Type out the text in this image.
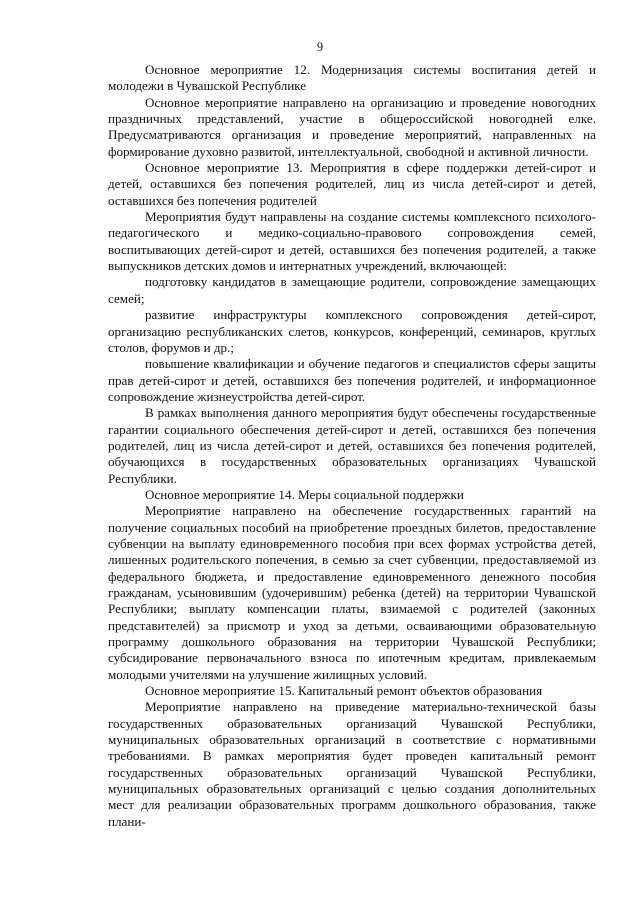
9

Основное мероприятие 12. Модернизация системы воспитания детей и молодежи в Чувашской Республике

Основное мероприятие направлено на организацию и проведение новогодних праздничных представлений, участие в общероссийской новогодней елке. Предусматриваются организация и проведение мероприятий, направленных на формирование духовно развитой, интеллектуальной, свободной и активной личности.

Основное мероприятие 13. Мероприятия в сфере поддержки детей-сирот и детей, оставшихся без попечения родителей, лиц из числа детей-сирот и детей, оставшихся без попечения родителей

Мероприятия будут направлены на создание системы комплексного психолого-педагогического и медико-социально-правового сопровождения семей, воспитывающих детей-сирот и детей, оставшихся без попечения родителей, а также выпускников детских домов и интернатных учреждений, включающей:

подготовку кандидатов в замещающие родители, сопровождение замещающих семей;

развитие инфраструктуры комплексного сопровождения детей-сирот, организацию республиканских слетов, конкурсов, конференций, семинаров, круглых столов, форумов и др.;

повышение квалификации и обучение педагогов и специалистов сферы защиты прав детей-сирот и детей, оставшихся без попечения родителей, и информационное сопровождение жизнеустройства детей-сирот.

В рамках выполнения данного мероприятия будут обеспечены государственные гарантии социального обеспечения детей-сирот и детей, оставшихся без попечения родителей, лиц из числа детей-сирот и детей, оставшихся без попечения родителей, обучающихся в государственных образовательных организациях Чувашской Республики.

Основное мероприятие 14. Меры социальной поддержки

Мероприятие направлено на обеспечение государственных гарантий на получение социальных пособий на приобретение проездных билетов, предоставление субвенции на выплату единовременного пособия при всех формах устройства детей, лишенных родительского попечения, в семью за счет субвенции, предоставляемой из федерального бюджета, и предоставление единовременного денежного пособия гражданам, усыновившим (удочерившим) ребенка (детей) на территории Чувашской Республики; выплату компенсации платы, взимаемой с родителей (законных представителей) за присмотр и уход за детьми, осваивающими образовательную программу дошкольного образования на территории Чувашской Республики; субсидирование первоначального взноса по ипотечным кредитам, привлекаемым молодыми учителями на улучшение жилищных условий.

Основное мероприятие 15. Капитальный ремонт объектов образования

Мероприятие направлено на приведение материально-технической базы государственных образовательных организаций Чувашской Республики, муниципальных образовательных организаций в соответствие с нормативными требованиями. В рамках мероприятия будет проведен капитальный ремонт государственных образовательных организаций Чувашской Республики, муниципальных образовательных организаций с целью создания дополнительных мест для реализации образовательных программ дошкольного образования, также плани-
